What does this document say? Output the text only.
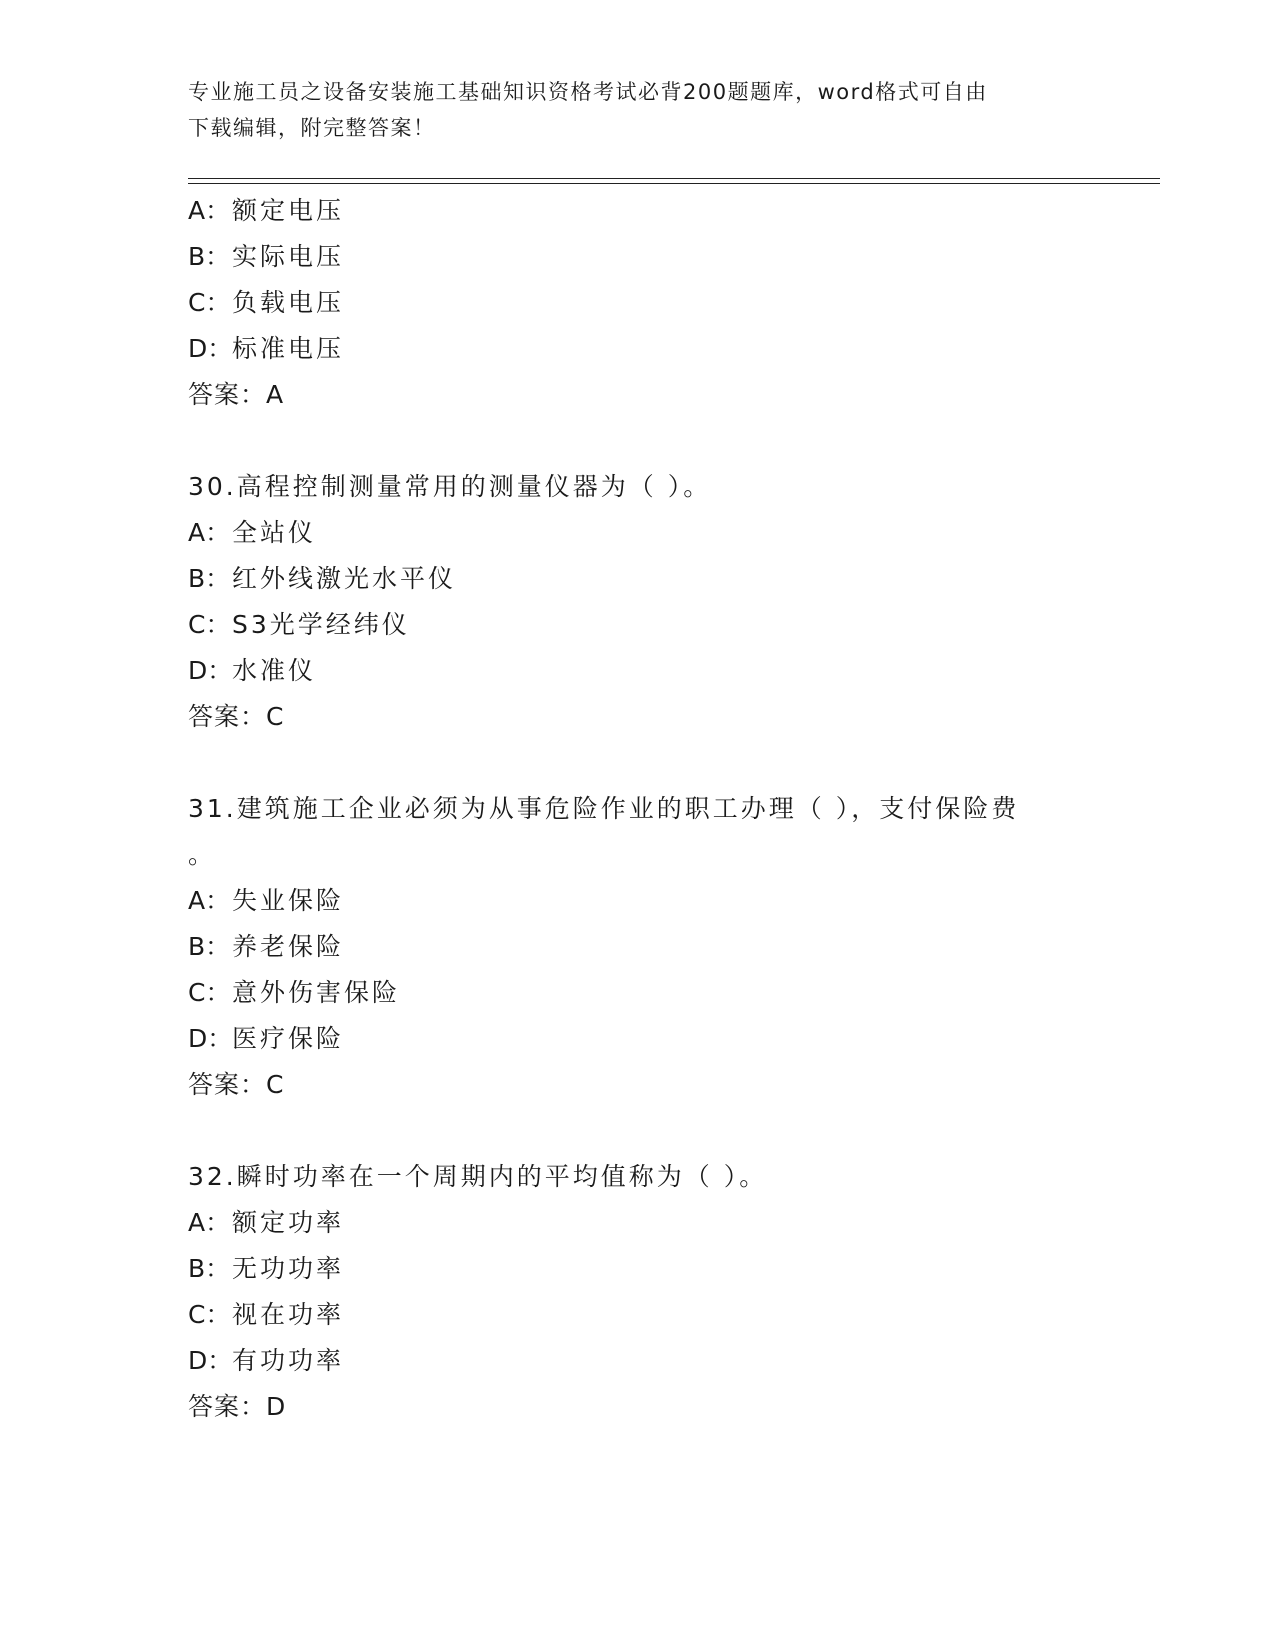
专业施工员之设备安装施工基础知识资格考试必背200题题库，word格式可自由
下载编辑，附完整答案！
A：额定电压
B：实际电压
C：负载电压
D：标准电压
答案：A
30.高程控制测量常用的测量仪器为（ ）。
A：全站仪
B：红外线激光水平仪
C：S3光学经纬仪
D：水准仪
答案：C
31.建筑施工企业必须为从事危险作业的职工办理（ ），支付保险费
。
A：失业保险
B：养老保险
C：意外伤害保险
D：医疗保险
答案：C
32.瞬时功率在一个周期内的平均值称为（ ）。
A：额定功率
B：无功功率
C：视在功率
D：有功功率
答案：D
